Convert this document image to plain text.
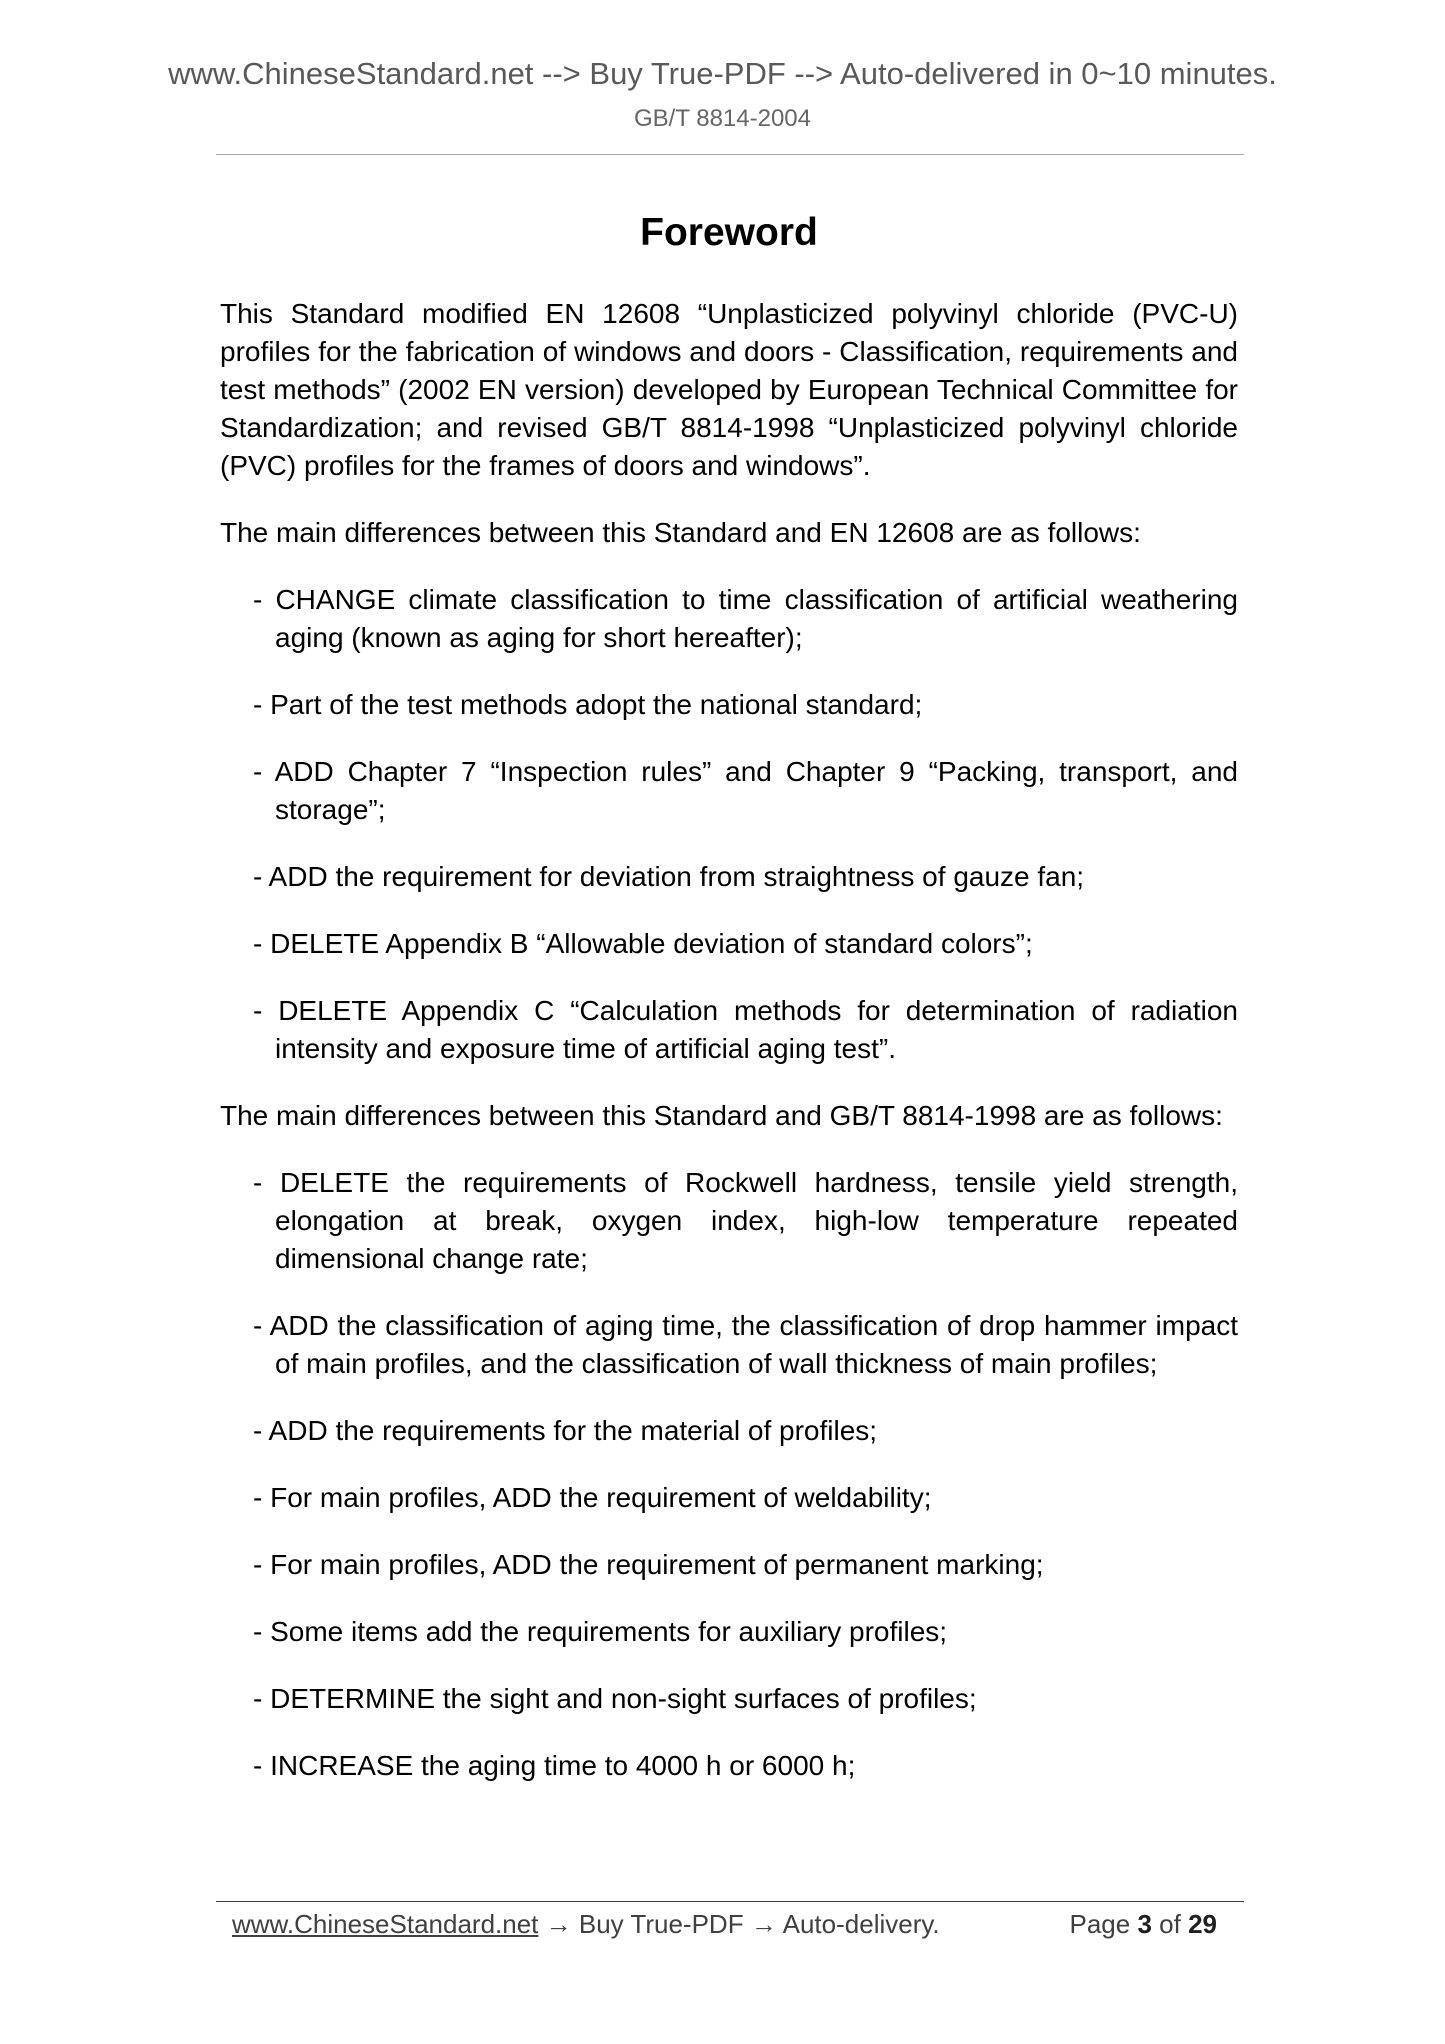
www.ChineseStandard.net --> Buy True-PDF --> Auto-delivered in 0~10 minutes.
GB/T 8814-2004
Foreword

This Standard modified EN 12608 “Unplasticized polyvinyl chloride (PVC-U) profiles for the fabrication of windows and doors - Classification, requirements and test methods” (2002 EN version) developed by European Technical Committee for Standardization; and revised GB/T 8814-1998 “Unplasticized polyvinyl chloride (PVC) profiles for the frames of doors and windows”.

The main differences between this Standard and EN 12608 are as follows:

- CHANGE climate classification to time classification of artificial weathering aging (known as aging for short hereafter);
- Part of the test methods adopt the national standard;
- ADD Chapter 7 “Inspection rules” and Chapter 9 “Packing, transport, and storage”;
- ADD the requirement for deviation from straightness of gauze fan;
- DELETE Appendix B “Allowable deviation of standard colors”;
- DELETE Appendix C “Calculation methods for determination of radiation intensity and exposure time of artificial aging test”.

The main differences between this Standard and GB/T 8814-1998 are as follows:

- DELETE the requirements of Rockwell hardness, tensile yield strength, elongation at break, oxygen index, high-low temperature repeated dimensional change rate;
- ADD the classification of aging time, the classification of drop hammer impact of main profiles, and the classification of wall thickness of main profiles;
- ADD the requirements for the material of profiles;
- For main profiles, ADD the requirement of weldability;
- For main profiles, ADD the requirement of permanent marking;
- Some items add the requirements for auxiliary profiles;
- DETERMINE the sight and non-sight surfaces of profiles;
- INCREASE the aging time to 4000 h or 6000 h;
www.ChineseStandard.net → Buy True-PDF → Auto-delivery.	Page 3 of 29
